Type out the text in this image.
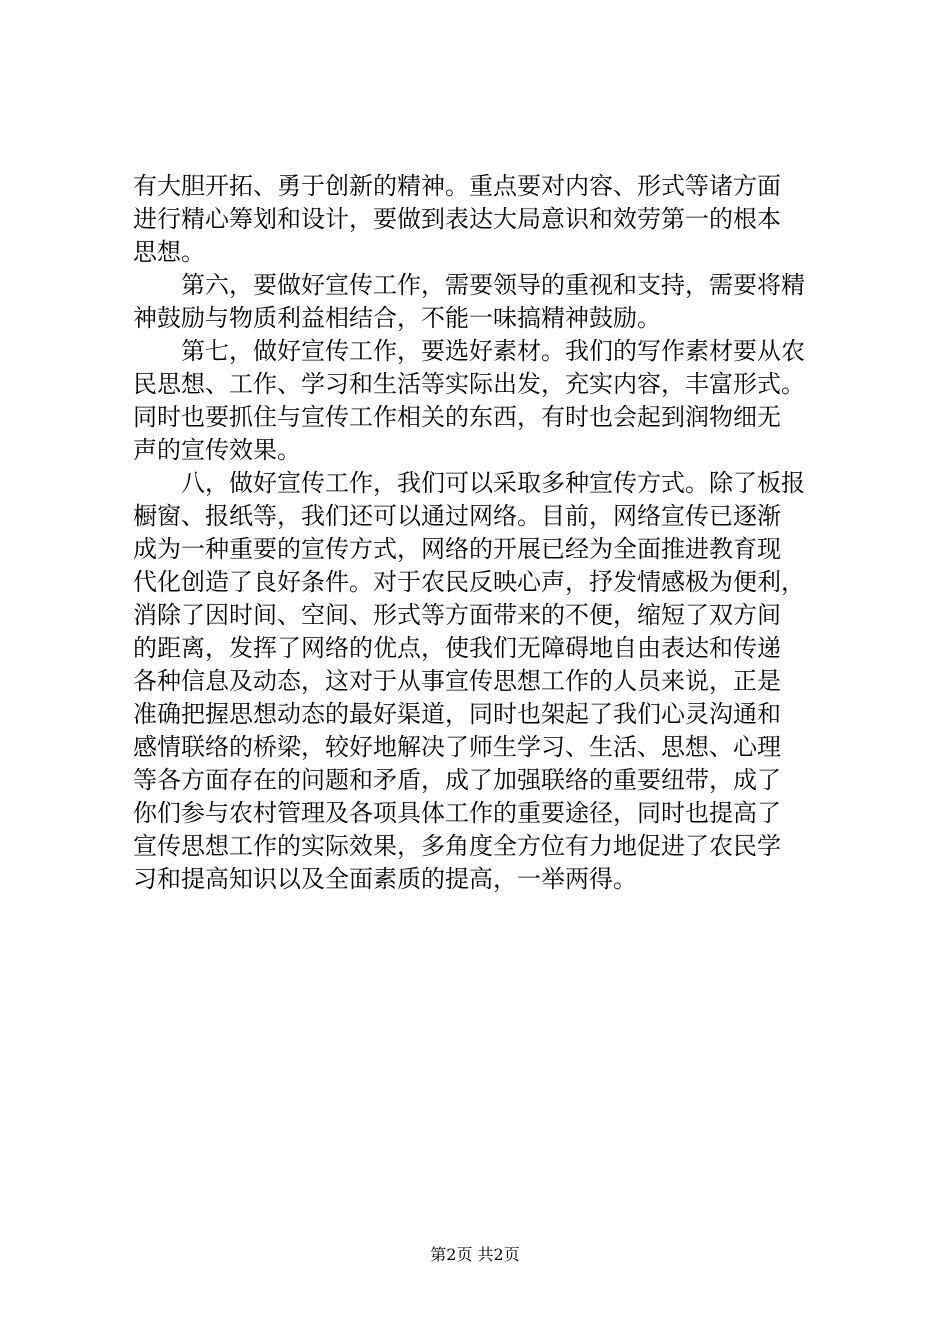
有大胆开拓、勇于创新的精神。重点要对内容、形式等诸方面
进行精心筹划和设计，要做到表达大局意识和效劳第一的根本
思想。
　　第六，要做好宣传工作，需要领导的重视和支持，需要将精
神鼓励与物质利益相结合，不能一味搞精神鼓励。
　　第七，做好宣传工作，要选好素材。我们的写作素材要从农
民思想、工作、学习和生活等实际出发，充实内容，丰富形式。
同时也要抓住与宣传工作相关的东西，有时也会起到润物细无
声的宣传效果。
　　八，做好宣传工作，我们可以采取多种宣传方式。除了板报
橱窗、报纸等，我们还可以通过网络。目前，网络宣传已逐渐
成为一种重要的宣传方式，网络的开展已经为全面推进教育现
代化创造了良好条件。对于农民反映心声，抒发情感极为便利，
消除了因时间、空间、形式等方面带来的不便，缩短了双方间
的距离，发挥了网络的优点，使我们无障碍地自由表达和传递
各种信息及动态，这对于从事宣传思想工作的人员来说，正是
准确把握思想动态的最好渠道，同时也架起了我们心灵沟通和
感情联络的桥梁，较好地解决了师生学习、生活、思想、心理
等各方面存在的问题和矛盾，成了加强联络的重要纽带，成了
你们参与农村管理及各项具体工作的重要途径，同时也提高了
宣传思想工作的实际效果，多角度全方位有力地促进了农民学
习和提高知识以及全面素质的提高，一举两得。
第2页 共2页
